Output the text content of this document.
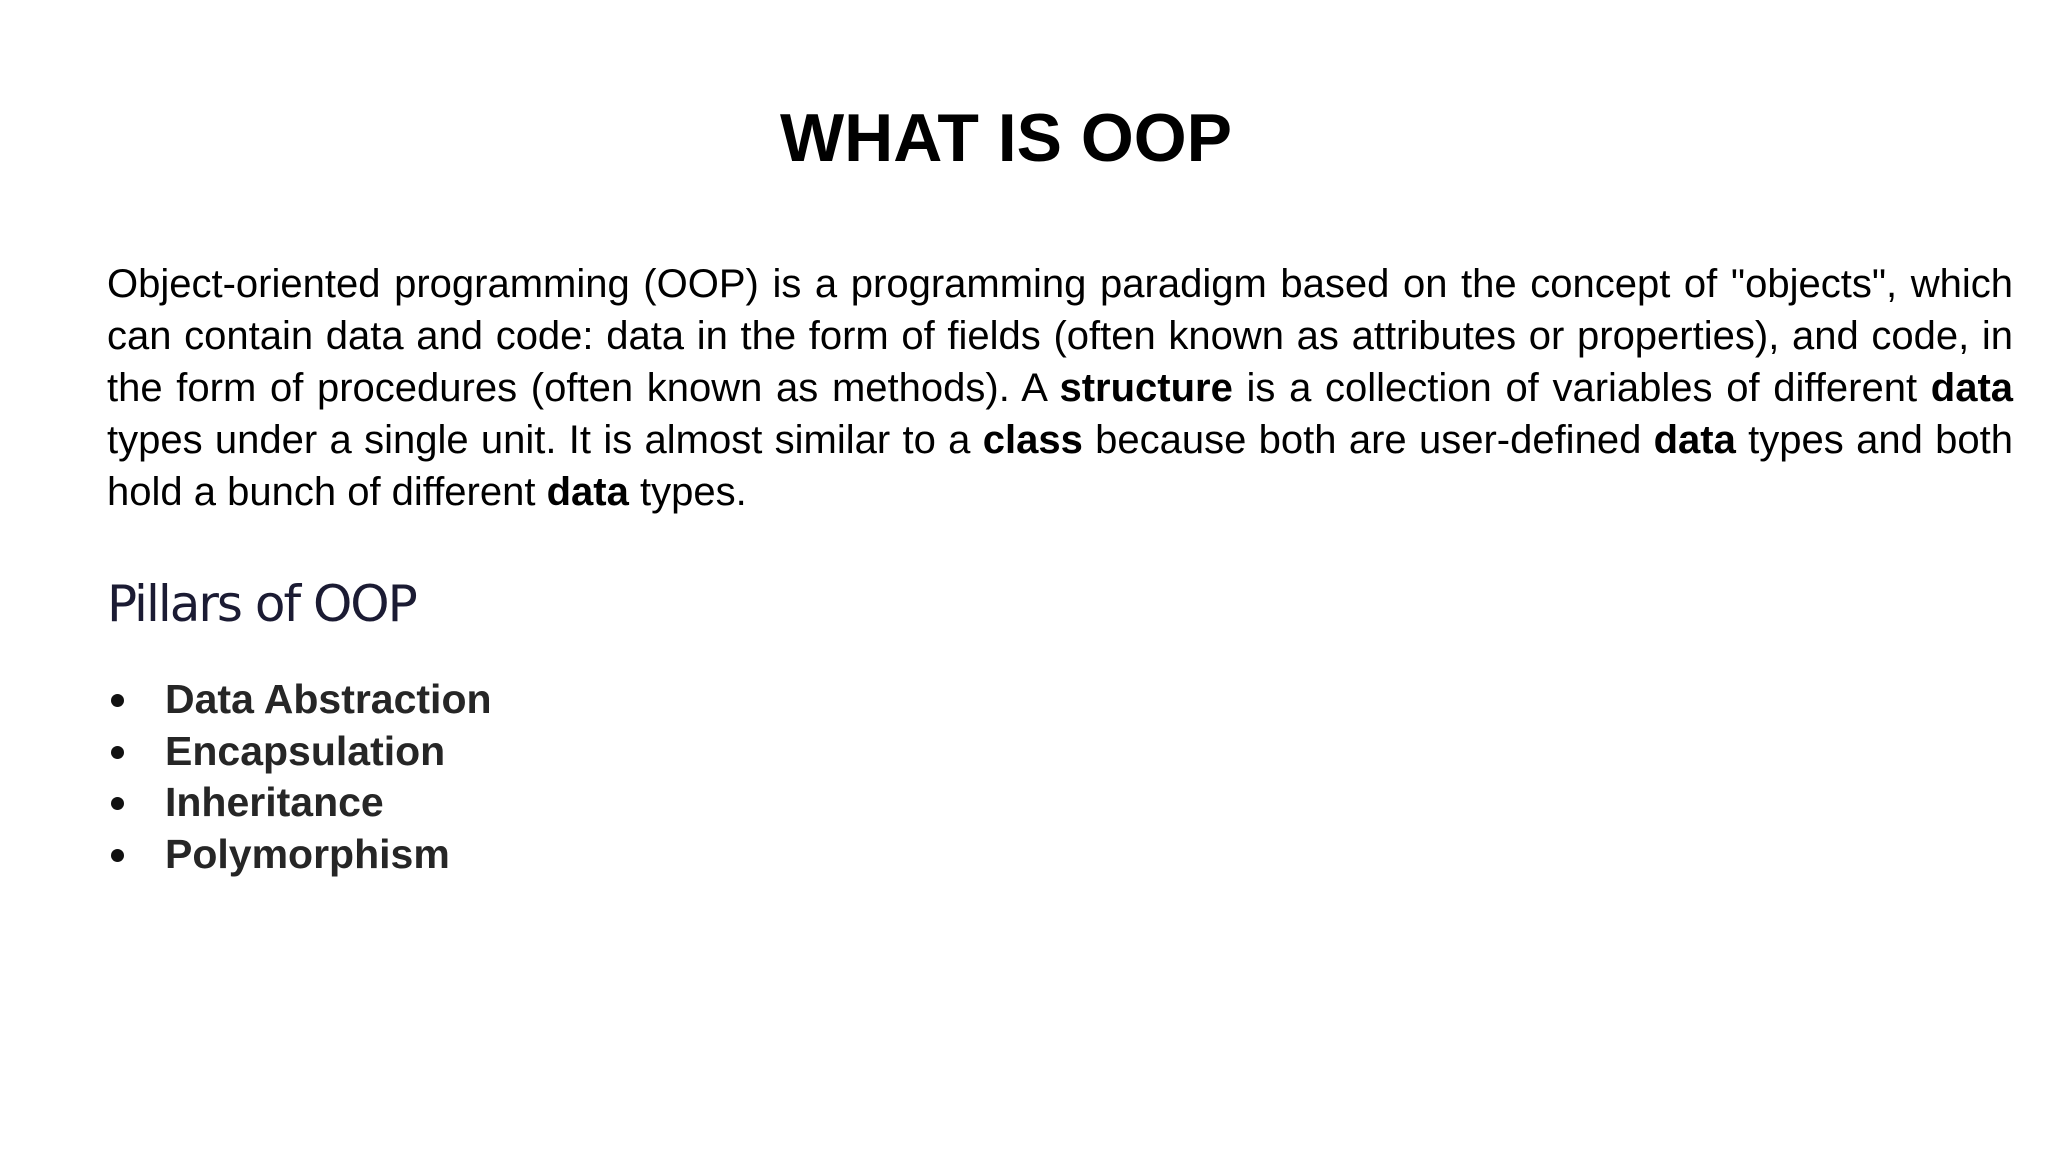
WHAT IS OOP

Object-oriented programming (OOP) is a programming paradigm based on the concept of "objects", which can contain data and code: data in the form of fields (often known as attributes or properties), and code, in the form of procedures (often known as methods). A structure is a collection of variables of different data types under a single unit. It is almost similar to a class because both are user-defined data types and both hold a bunch of different data types.

Pillars of OOP
Data Abstraction
Encapsulation
Inheritance
Polymorphism
